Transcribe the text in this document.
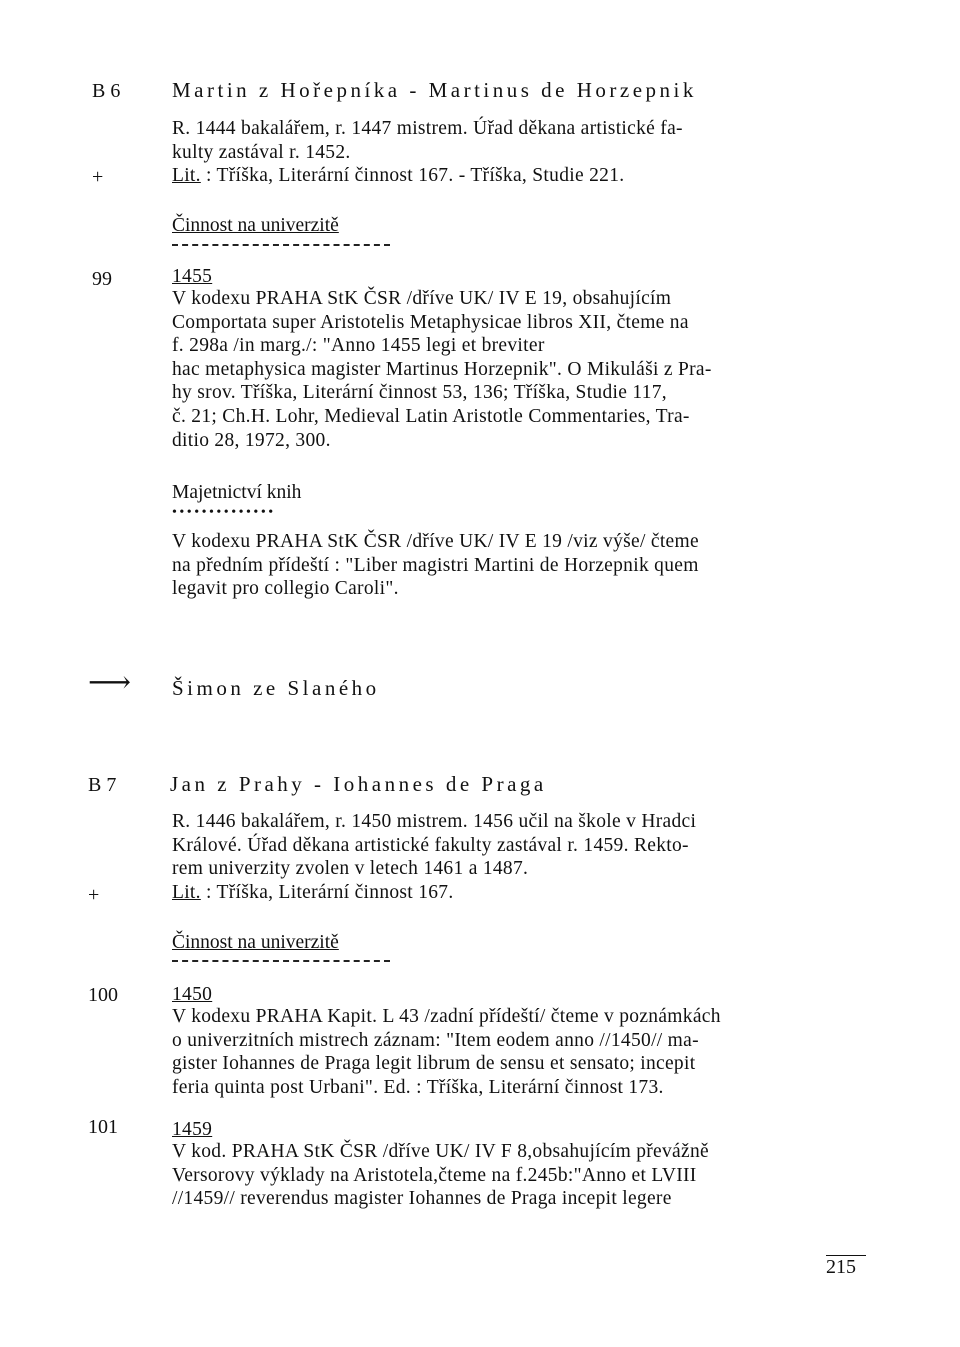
B 6 Martin z Hořepníka - Martinus de Horzepnik
R. 1444 bakalářem, r. 1447 mistrem. Úřad děkana artistické fa-
kulty zastával r. 1452.
+	Lit. : Tříška, Literární činnost 167. - Tříška, Studie 221.
Činnost na univerzitě
99	1455
V kodexu PRAHA StK ČSR /dříve UK/ IV E 19, obsahujícím
Comportata super Aristotelis Metaphysicae libros XII, čteme na
f. 298a /in marg./: "Anno 1455 legi et breviter
hac metaphysica magister Martinus Horzepnik". O Mikuláši z Pra-
hy srov. Tříška, Literární činnost 53, 136; Tříška, Studie 117,
č. 21; Ch.H. Lohr, Medieval Latin Aristotle Commentaries, Tra-
ditio 28, 1972, 300.
Majetnictví knih
••••••••••••••
V kodexu PRAHA StK ČSR /dříve UK/ IV E 19 /viz výše/ čteme
na předním přídeští : "Liber magistri Martini de Horzepnik quem
legavit pro collegio Caroli".
⟶ Šimon ze Slaného
B 7	Jan z Prahy - Iohannes de Praga
R. 1446 bakalářem, r. 1450 mistrem. 1456 učil na škole v Hradci
Králové. Úřad děkana artistické fakulty zastával r. 1459. Rekto-
rem univerzity zvolen v letech 1461 a 1487.
+	Lit. : Tříška, Literární činnost 167.
Činnost na univerzitě
100	1450
V kodexu PRAHA Kapit. L 43 /zadní přídeští/ čteme v poznámkách
o univerzitních mistrech záznam: "Item eodem anno //1450// ma-
gister Iohannes de Praga legit librum de sensu et sensato; incepit
feria quinta post Urbani". Ed. : Tříška, Literární činnost 173.
101	1459
V kod. PRAHA StK ČSR /dříve UK/ IV F 8,obsahujícím převážně
Versorovy výklady na Aristotela,čteme na f.245b:"Anno et LVIII
//1459// reverendus magister Iohannes de Praga incepit legere
215
